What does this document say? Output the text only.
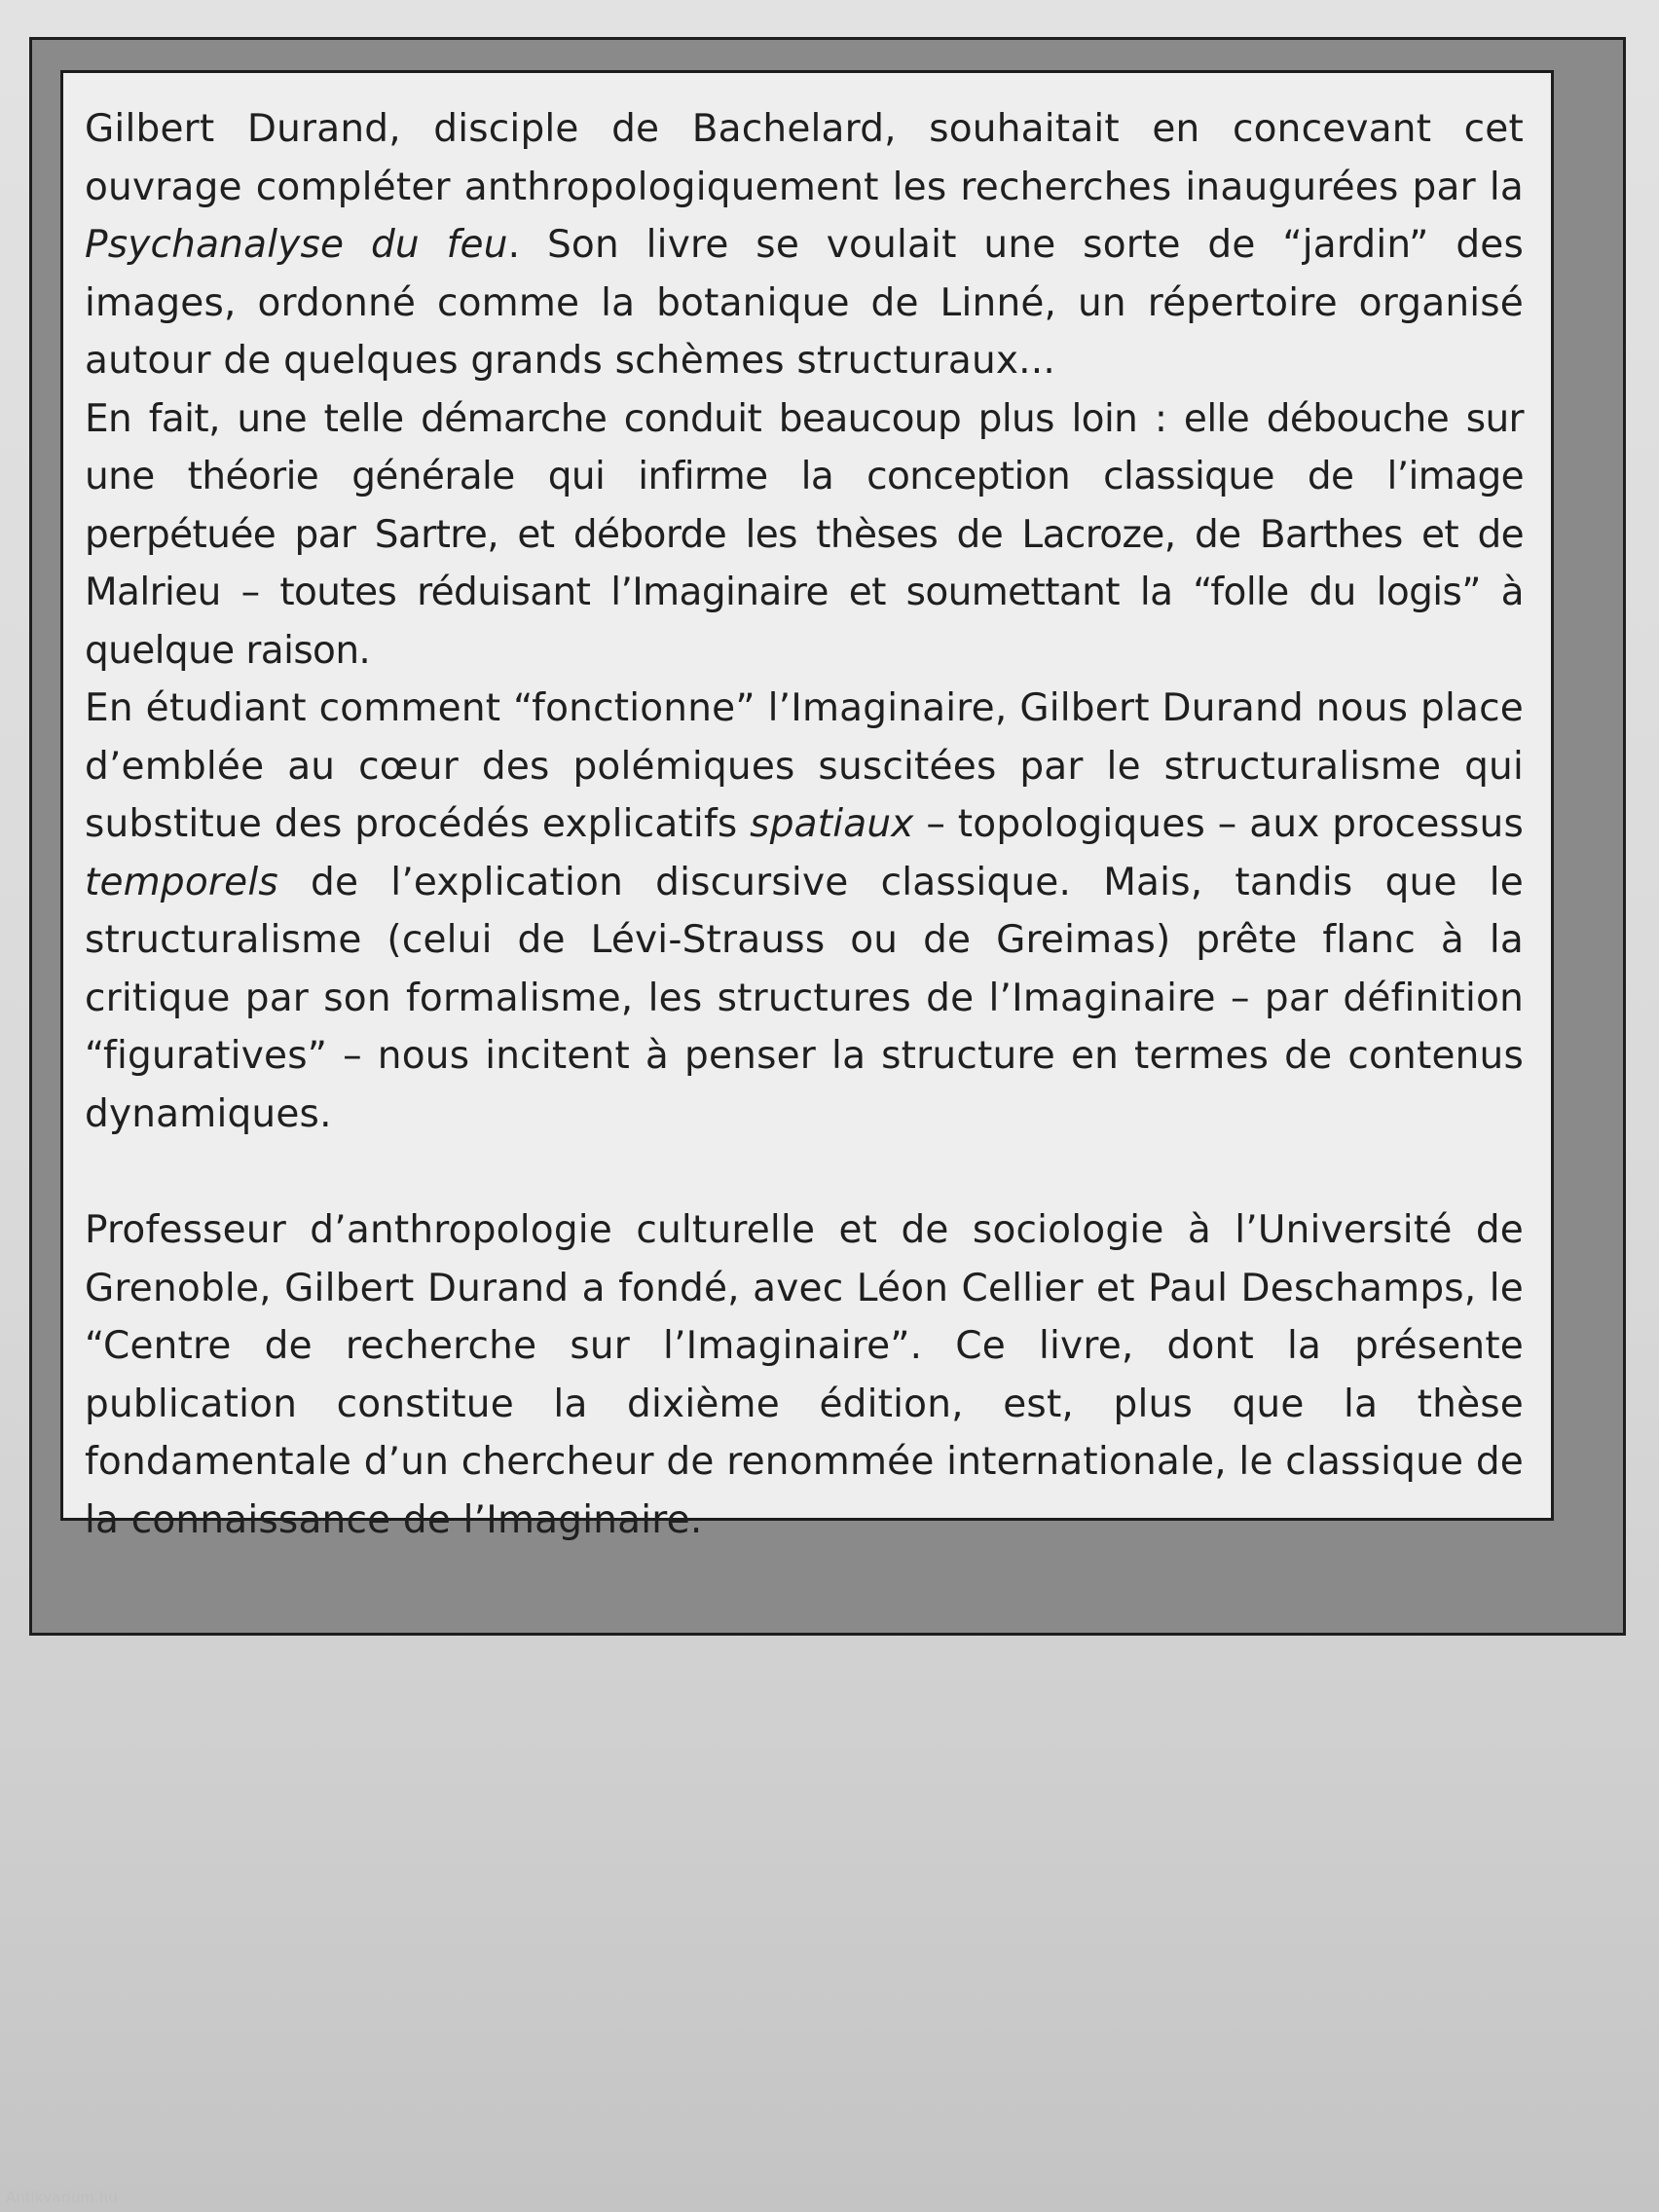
Gilbert Durand, disciple de Bachelard, souhaitait en concevant cet ouvrage compléter anthropologiquement les recherches inaugurées par la Psychanalyse du feu. Son livre se voulait une sorte de “jardin” des images, ordonné comme la botanique de Linné, un répertoire organisé autour de quelques grands schèmes structuraux...

En fait, une telle démarche conduit beaucoup plus loin : elle débouche sur une théorie générale qui infirme la conception classique de l’image perpétuée par Sartre, et déborde les thèses de Lacroze, de Barthes et de Malrieu – toutes réduisant l’Imaginaire et soumettant la “folle du logis” à quelque raison.

En étudiant comment “fonctionne” l’Imaginaire, Gilbert Durand nous place d’emblée au cœur des polémiques suscitées par le structuralisme qui substitue des procédés explicatifs spatiaux – topologiques – aux processus temporels de l’explication discursive classique. Mais, tandis que le structuralisme (celui de Lévi-Strauss ou de Greimas) prête flanc à la critique par son formalisme, les structures de l’Imaginaire – par définition “figuratives” – nous incitent à penser la structure en termes de contenus dynamiques.

Professeur d’anthropologie culturelle et de sociologie à l’Université de Grenoble, Gilbert Durand a fondé, avec Léon Cellier et Paul Deschamps, le “Centre de recherche sur l’Imaginaire”. Ce livre, dont la présente publication constitue la dixième édition, est, plus que la thèse fondamentale d’un chercheur de renommée internationale, le classique de la connaissance de l’Imaginaire.

Antikvarium.hu
